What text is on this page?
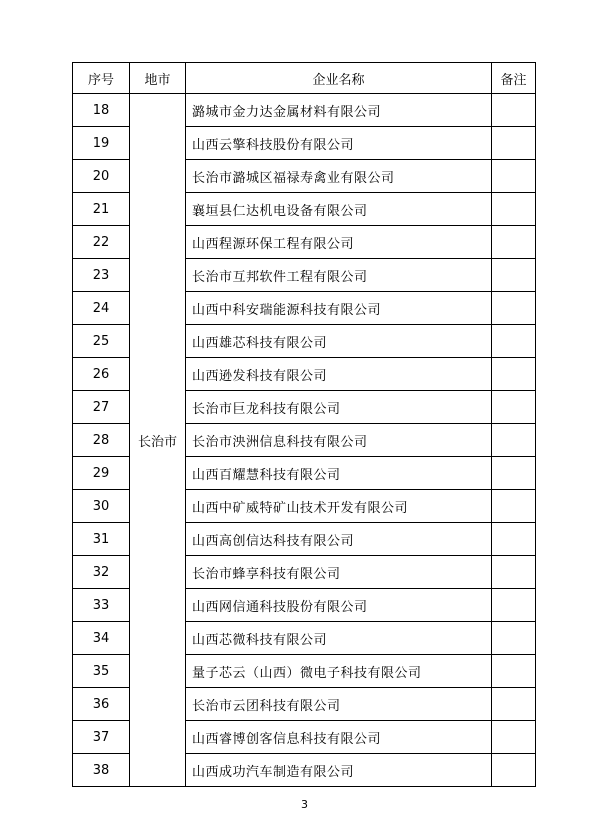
序号	地市	企业名称	备注
18	长治市	潞城市金力达金属材料有限公司	
19		山西云擎科技股份有限公司	
20		长治市潞城区福禄寿禽业有限公司	
21		襄垣县仁达机电设备有限公司	
22		山西程源环保工程有限公司	
23		长治市互邦软件工程有限公司	
24		山西中科安瑞能源科技有限公司	
25		山西雄芯科技有限公司	
26		山西逊发科技有限公司	
27		长治市巨龙科技有限公司	
28		长治市泱洲信息科技有限公司	
29		山西百耀慧科技有限公司	
30		山西中矿威特矿山技术开发有限公司	
31		山西高创信达科技有限公司	
32		长治市蜂享科技有限公司	
33		山西网信通科技股份有限公司	
34		山西芯微科技有限公司	
35		量子芯云（山西）微电子科技有限公司	
36		长治市云团科技有限公司	
37		山西睿博创客信息科技有限公司	
38		山西成功汽车制造有限公司	
3
